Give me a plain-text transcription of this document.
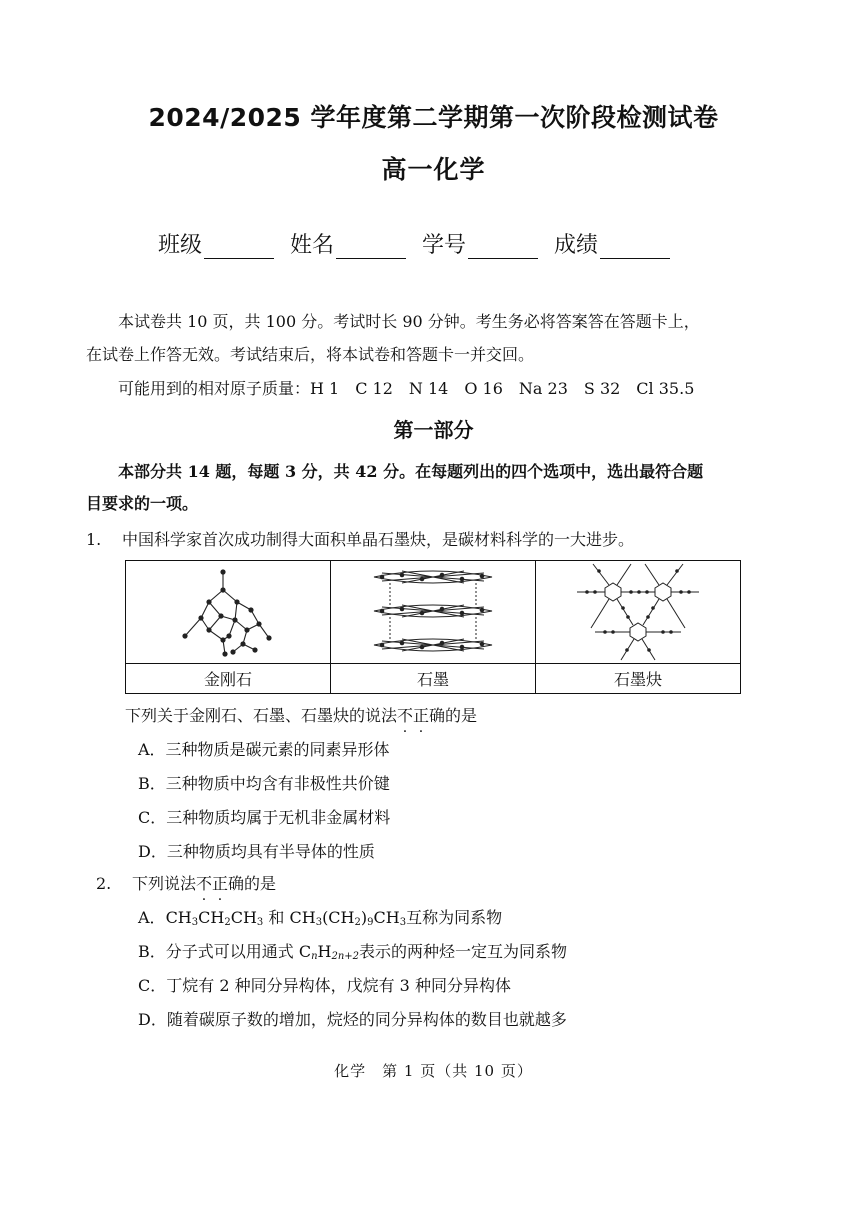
2024/2025 学年度第二学期第一次阶段检测试卷
高一化学
班级	姓名	学号	成绩
本试卷共 10 页，共 100 分。考试时长 90 分钟。考生务必将答案答在答题卡上，
在试卷上作答无效。考试结束后，将本试卷和答题卡一并交回。
可能用到的相对原子质量：H 1　C 12　N 14　O 16　Na 23　S 32　Cl 35.5
第一部分
本部分共 14 题，每题 3 分，共 42 分。在每题列出的四个选项中，选出最符合题
目要求的一项。
1. 中国科学家首次成功制得大面积单晶石墨炔，是碳材料科学的一大进步。
金刚石	石墨	石墨炔
下列关于金刚石、石墨、石墨炔的说法不正确的是
A．三种物质是碳元素的同素异形体
B．三种物质中均含有非极性共价键
C．三种物质均属于无机非金属材料
D．三种物质均具有半导体的性质
2. 下列说法不正确的是
A．$CH_3CH_2CH_3$ 和 $CH_3(CH_2)_9CH_3$互称为同系物
B．分子式可以用通式 $C_nH_{2n+2}$表示的两种烃一定互为同系物
C．丁烷有 2 种同分异构体，戊烷有 3 种同分异构体
D．随着碳原子数的增加，烷烃的同分异构体的数目也就越多
化学　第 1 页（共 10 页）
